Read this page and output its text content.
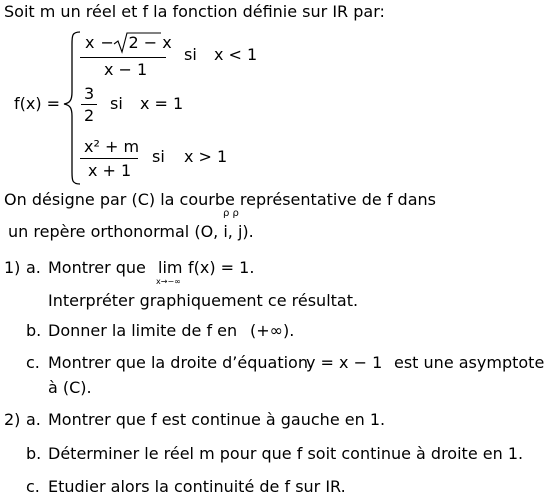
Soit m un réel et f la fonction définie sur IR par:
f(x) =
x − 2 − x
x − 1
si x < 1
3
2
si x = 1
x² + m
x + 1
si x > 1
On désigne par (C) la courbe représentative de f dans
ρ ρ
un repère orthonormal (O, i, j).
1) a. Montrer que lim
x→−∞
f(x) = 1.
Interpréter graphiquement ce résultat.
b. Donner la limite de f en (+∞).
c. Montrer que la droite d’équation
y = x − 1 est une asymptote
à (C).
2) a. Montrer que f est continue à gauche en 1.
b. Déterminer le réel m pour que f soit continue à droite en 1.
c. Etudier alors la continuité de f sur IR.
